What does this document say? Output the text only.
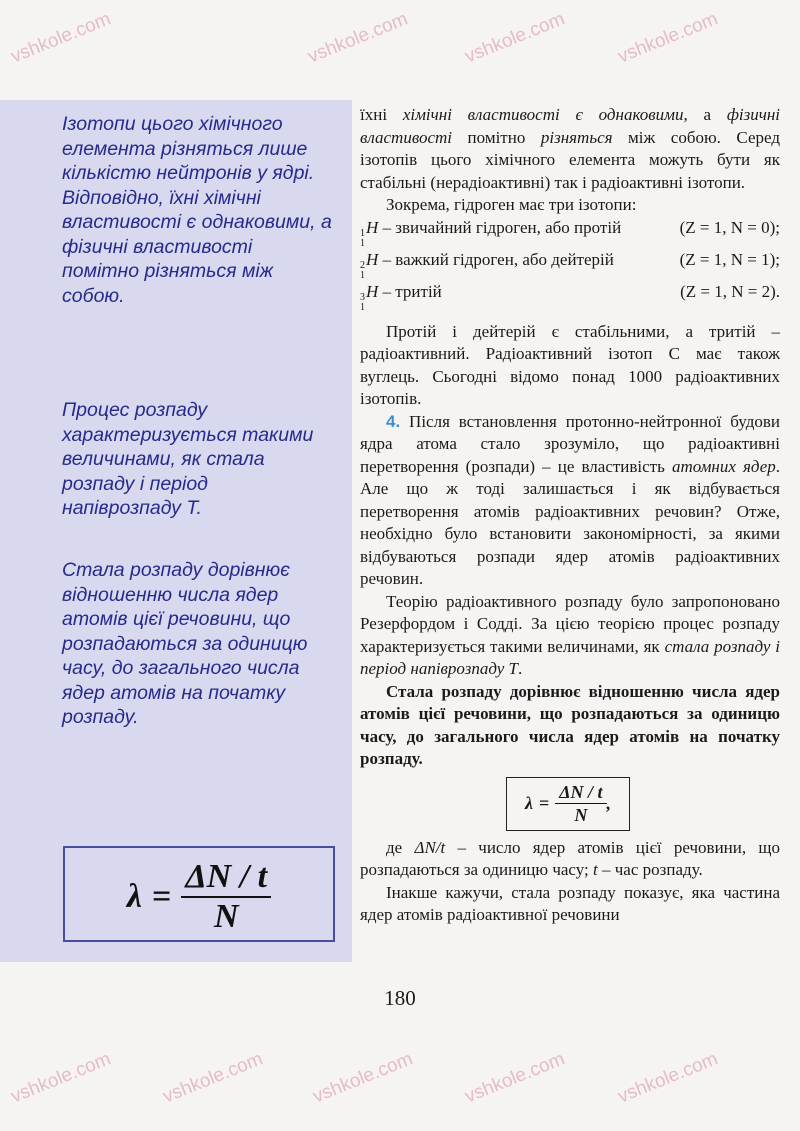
vshkole.com	vshkole.com	vshkole.com vshkole.com
vshkole.com vshkole.com vshkole.com vshkole.com vshkole.com
Ізотопи цього хімічного елемента різняться лише кількістю нейтронів у ядрі. Відповідно, їхні хімічні властивості є однаковими, а фізичні властивості помітно різняться між собою.
Процес розпаду характеризується такими величинами, як стала розпаду і період напіврозпаду T.
Стала розпаду дорівнює відношенню числа ядер атомів цієї речовини, що розпадаються за одиницю часу, до загального числа ядер атомів на початку розпаду.
$\lambda = \frac{\Delta N / t}{N}$

їхні хімічні властивості є однаковими, а фізичні властивості помітно різняться між собою. Серед ізотопів цього хімічного елемента можуть бути як стабільні (нерадіоактивні) так і радіоактивні ізотопи.

Зокрема, гідроген має три ізотопи:

1
1
H – звичайний гідроген, або протій	(Z = 1, N = 0);
2
1
H – важкий гідроген, або дейтерій	(Z = 1, N = 1);
3
1
H – тритій	(Z = 1, N = 2).

Протій і дейтерій є стабільними, а тритій – радіоактивний. Радіоактивний ізотоп С має також вуглець. Сьогодні відомо понад 1000 радіоактивних ізотопів.

4. Після встановлення протонно-нейтронної будови ядра атома стало зрозуміло, що радіоактивні перетворення (розпади) – це властивість атомних ядер. Але що ж тоді залишається і як відбувається перетворення атомів радіоактивних речовин? Отже, необхідно було встановити закономірності, за якими відбуваються розпади ядер атомів радіоактивних речовин.

Теорію радіоактивного розпаду було запропоновано Резерфордом і Содді. За цією теорією процес розпаду характеризується такими величинами, як стала розпаду і період напіврозпаду T.

Стала розпаду дорівнює відношенню числа ядер атомів цієї речовини, що розпадаються за одиницю часу, до загального числа ядер атомів на початку розпаду.

$\lambda = \frac{\Delta N / t}{N}$ ,

де ΔN/t – число ядер атомів цієї речовини, що розпадаються за одиницю часу; t – час розпаду.

Інакше кажучи, стала розпаду показує, яка частина ядер атомів радіоактивної речовини

180
